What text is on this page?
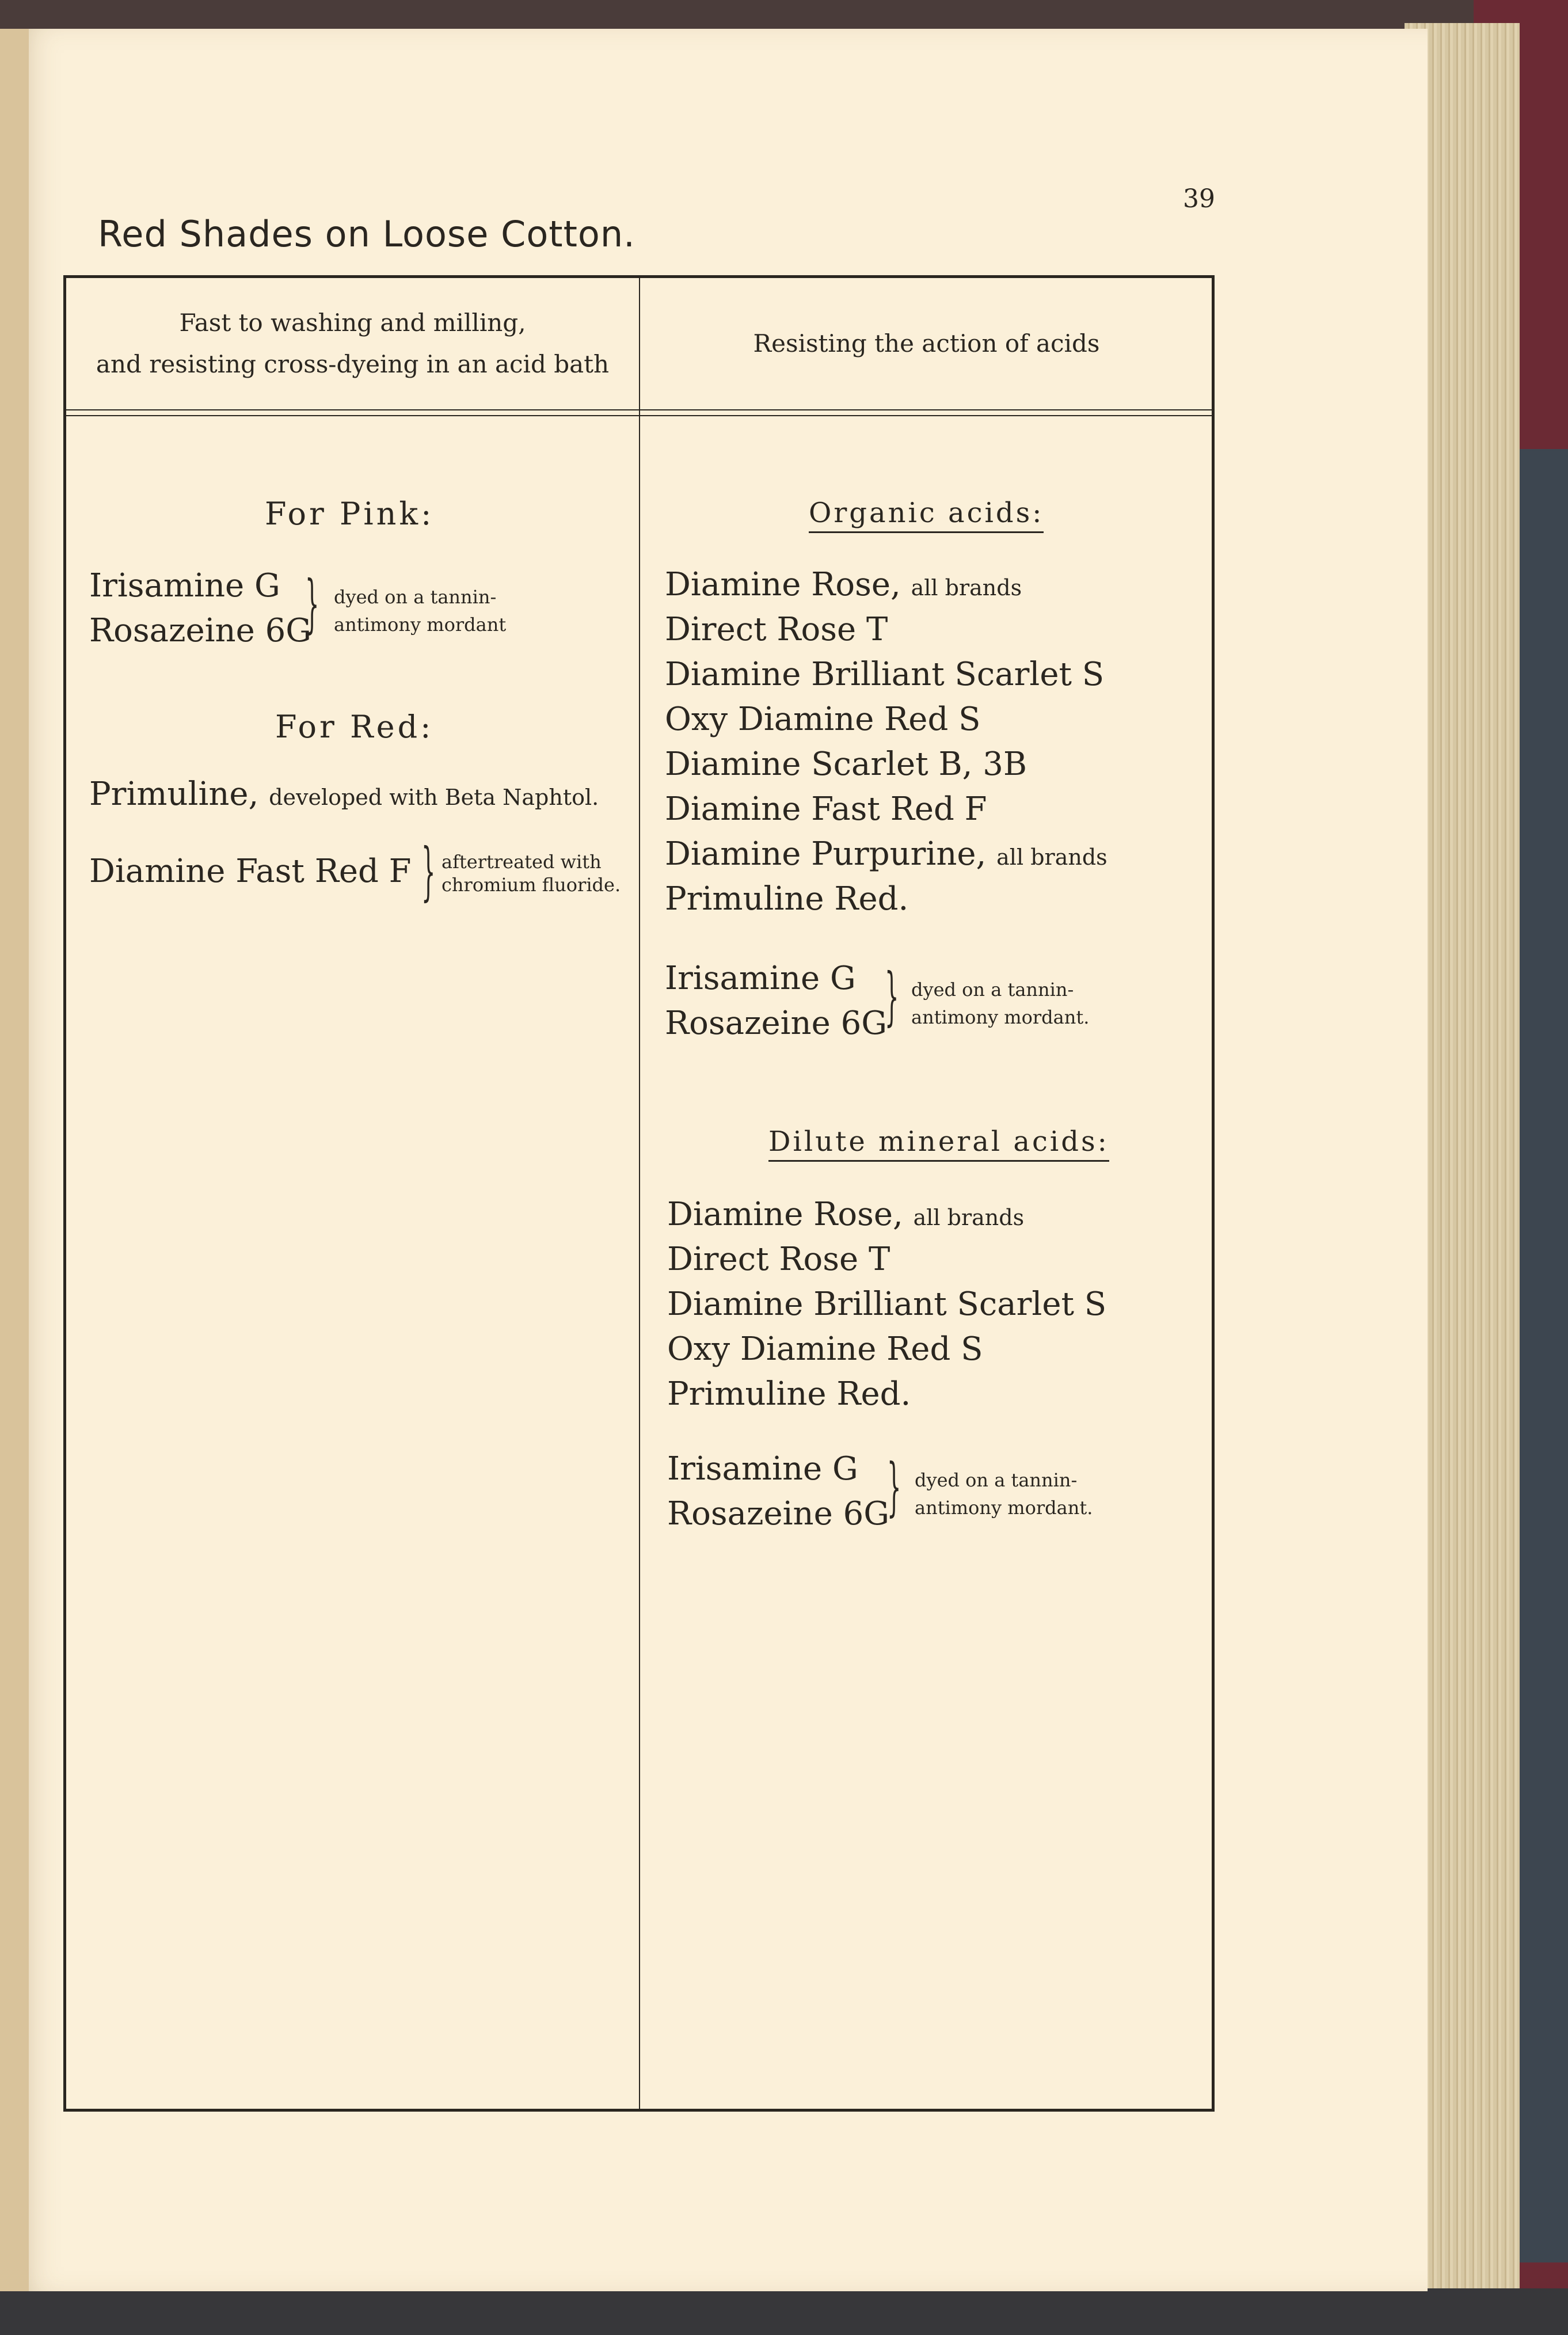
39
Red Shades on Loose Cotton.
Fast to washing and milling,
and resisting cross-dyeing in an acid bath
Resisting the action of acids
For Pink:
Irisamine G
Rosazeine 6G
} dyed on a tannin-
antimony mordant
For Red:
Primuline, developed with Beta Naphtol.
Diamine Fast Red F } aftertreated with
chromium fluoride.
Organic acids:
Diamine Rose, all brands
Direct Rose T
Diamine Brilliant Scarlet S
Oxy Diamine Red S
Diamine Scarlet B, 3B
Diamine Fast Red F
Diamine Purpurine, all brands
Primuline Red.
Irisamine G
Rosazeine 6G
} dyed on a tannin-
antimony mordant.
Dilute mineral acids:
Diamine Rose, all brands
Direct Rose T
Diamine Brilliant Scarlet S
Oxy Diamine Red S
Primuline Red.
Irisamine G
Rosazeine 6G
} dyed on a tannin-
antimony mordant.
